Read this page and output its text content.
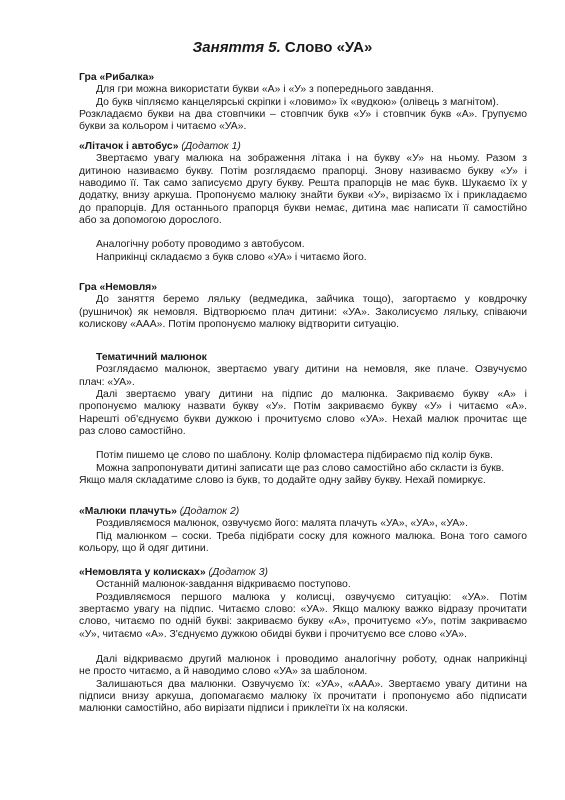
Заняття 5. Слово «УА»
Гра «Рибалка»
Для гри можна використати букви «А» і «У» з попереднього завдання.
До букв чіпляємо канцелярські скріпки і «ловимо» їх «вудкою» (олівець з магнітом).
Розкладаємо букви на два стовпчики – стовпчик букв «У» і стовпчик букв «А». Групуємо
букви за кольором і читаємо «УА».
«Літачок і автобус» (Додаток 1)
Звертаємо увагу малюка на зображення літака і на букву «У» на ньому. Разом з
дитиною називаємо букву. Потім розглядаємо прапорці. Знову називаємо букву «У» і
наводимо її. Так само записуємо другу букву. Решта прапорців не має букв. Шукаємо їх у
додатку, внизу аркуша. Пропонуємо малюку знайти букви «У», вирізаємо їх і прикладаємо
до прапорців. Для останнього прапорця букви немає, дитина має написати її самостійно
або за допомогою дорослого.
Аналогічну роботу проводимо з автобусом.
Наприкінці складаємо з букв слово «УА» і читаємо його.
Гра «Немовля»
До заняття беремо ляльку (ведмедика, зайчика тощо), загортаємо у ковдрочку
(рушничок) як немовля. Відтворюємо плач дитини: «УА». Заколисуємо ляльку, співаючи
колискову «ААА». Потім пропонуємо малюку відтворити ситуацію.
Тематичний малюнок
Розглядаємо малюнок, звертаємо увагу дитини на немовля, яке плаче. Озвучуємо
плач: «УА».
Далі звертаємо увагу дитини на підпис до малюнка. Закриваємо букву «А» і
пропонуємо малюку назвати букву «У». Потім закриваємо букву «У» і читаємо «А».
Нарешті об'єднуємо букви дужкою і прочитуємо слово «УА». Нехай малюк прочитає ще
раз слово самостійно.
Потім пишемо це слово по шаблону. Колір фломастера підбираємо під колір букв.
Можна запропонувати дитині записати ще раз слово самостійно або скласти із букв.
Якщо маля складатиме слово із букв, то додайте одну зайву букву. Нехай помиркує.
«Малюки плачуть» (Додаток 2)
Роздивляємося малюнок, озвучуємо його: малята плачуть «УА», «УА», «УА».
Під малюнком – соски. Треба підібрати соску для кожного малюка. Вона того самого
кольору, що й одяг дитини.
«Немовлята у колисках» (Додаток 3)
Останній малюнок-завдання відкриваємо поступово.
Роздивляємося першого малюка у колисці, озвучуємо ситуацію: «УА». Потім
звертаємо увагу на підпис. Читаємо слово: «УА». Якщо малюку важко відразу прочитати
слово, читаємо по одній букві: закриваємо букву «А», прочитуємо «У», потім закриваємо
«У», читаємо «А». З'єднуємо дужкою обидві букви і прочитуємо все слово «УА».
Далі відкриваємо другий малюнок і проводимо аналогічну роботу, однак наприкінці
не просто читаємо, а й наводимо слово «УА» за шаблоном.
Залишаються два малюнки. Озвучуємо їх: «УА», «ААА». Звертаємо увагу дитини на
підписи внизу аркуша, допомагаємо малюку їх прочитати і пропонуємо або підписати
малюнки самостійно, або вирізати підписи і приклеїти їх на коляски.
